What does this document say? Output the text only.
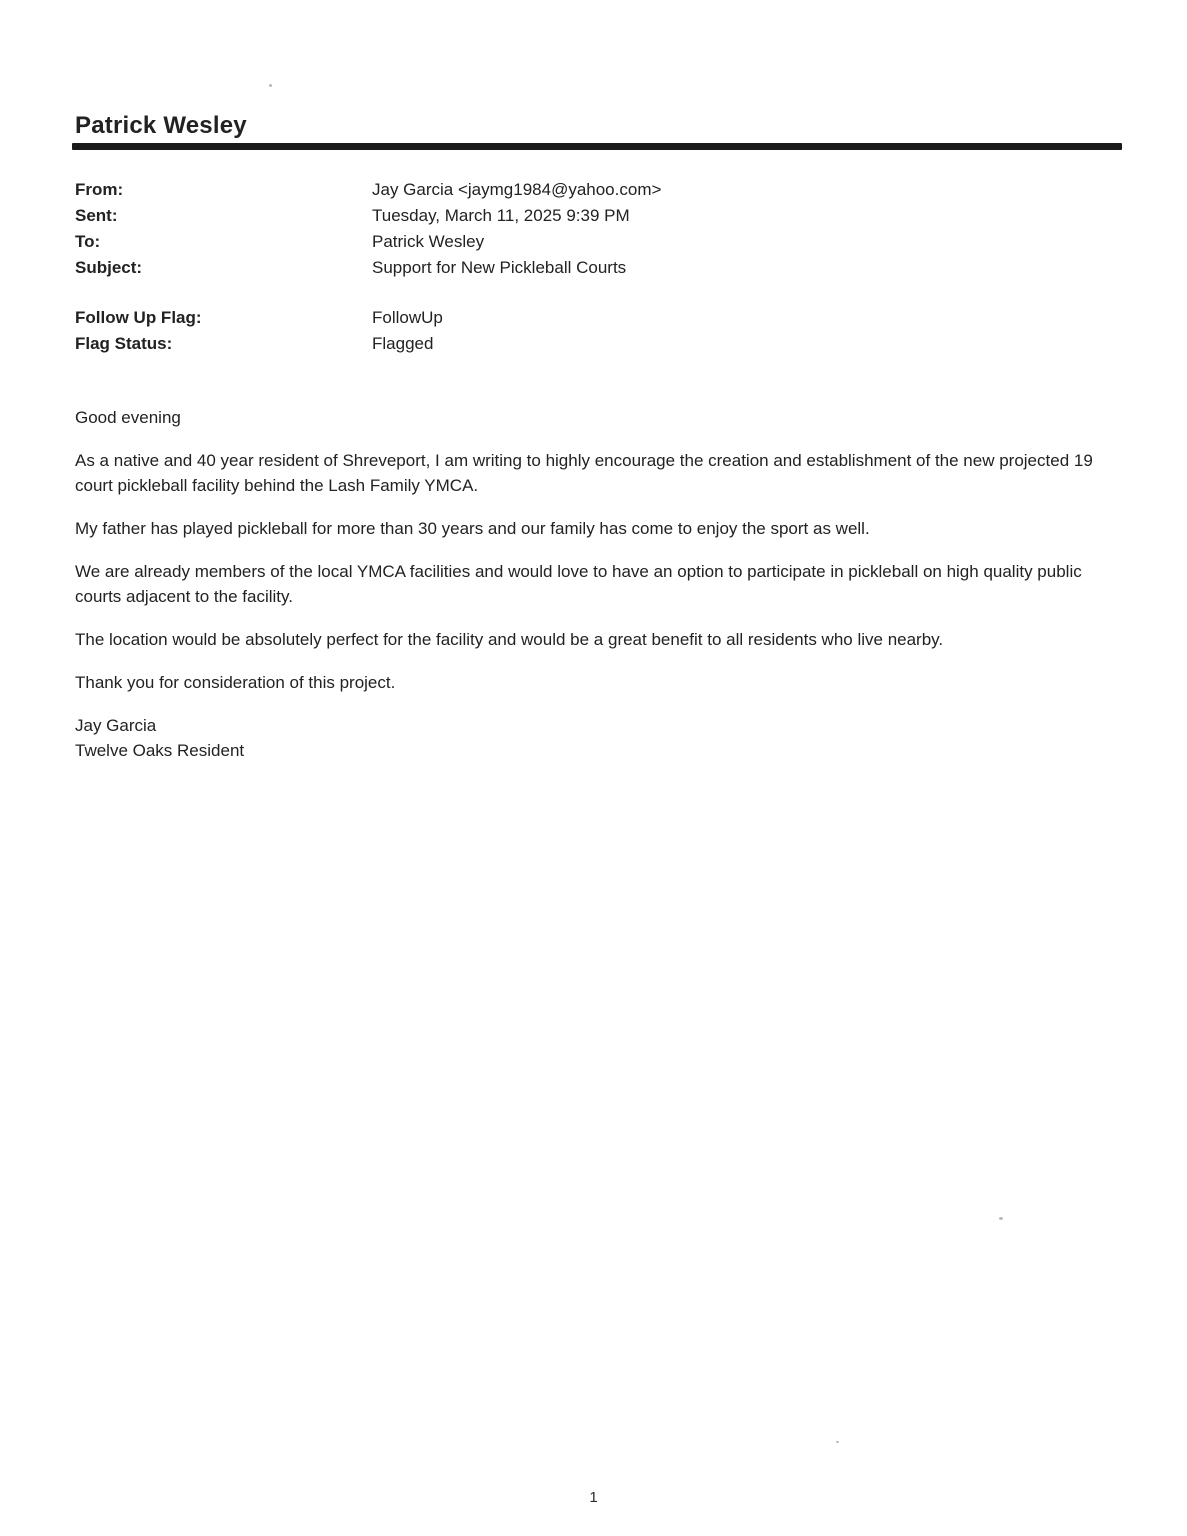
Patrick Wesley
From:	Jay Garcia <jaymg1984@yahoo.com>
Sent:	Tuesday, March 11, 2025 9:39 PM
To:	Patrick Wesley
Subject:	Support for New Pickleball Courts
Follow Up Flag:	FollowUp
Flag Status:	Flagged

Good evening

As a native and 40 year resident of Shreveport, I am writing to highly encourage the creation and establishment of the new projected 19 court pickleball facility behind the Lash Family YMCA.

My father has played pickleball for more than 30 years and our family has come to enjoy the sport as well.

We are already members of the local YMCA facilities and would love to have an option to participate in pickleball on high quality public courts adjacent to the facility.

The location would be absolutely perfect for the facility and would be a great benefit to all residents who live nearby.

Thank you for consideration of this project.

Jay Garcia
Twelve Oaks Resident
1
